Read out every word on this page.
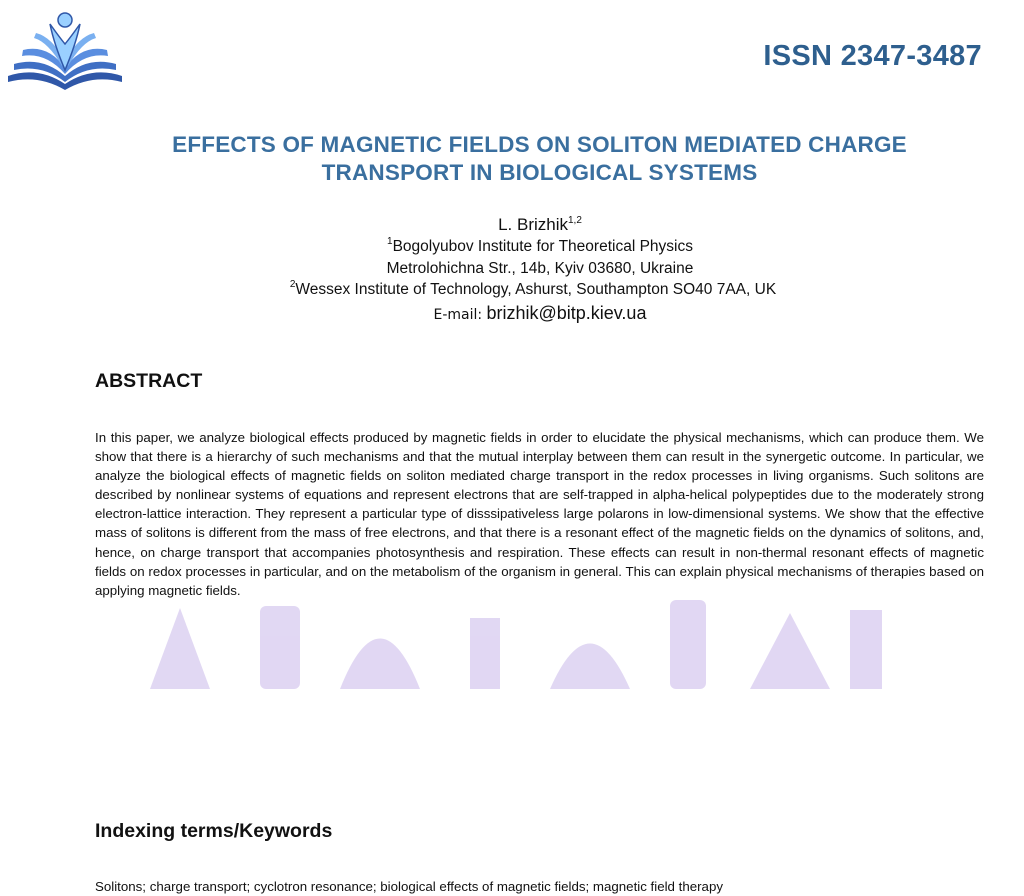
ISSN 2347-3487
EFFECTS OF MAGNETIC FIELDS ON SOLITON MEDIATED CHARGE
TRANSPORT IN BIOLOGICAL SYSTEMS
L. Brizhik$^{1,2}$
$^1$Bogolyubov Institute for Theoretical Physics
Metrolohichna Str., 14b, Kyiv 03680, Ukraine
$^2$Wessex Institute of Technology, Ashurst, Southampton SO40 7AA, UK
E-mail: brizhik@bitp.kiev.ua
ABSTRACT
In this paper, we analyze biological effects produced by magnetic fields in order to elucidate the physical mechanisms, which can produce them. We show that there is a hierarchy of such mechanisms and that the mutual interplay between them can result in the synergetic outcome. In particular, we analyze the biological effects of magnetic fields on soliton mediated charge transport in the redox processes in living organisms. Such solitons are described by nonlinear systems of equations and represent electrons that are self-trapped in alpha-helical polypeptides due to the moderately strong electron-lattice interaction. They represent a particular type of disssipativeless large polarons in low-dimensional systems. We show that the effective mass of solitons is different from the mass of free electrons, and that there is a resonant effect of the magnetic fields on the dynamics of solitons, and, hence, on charge transport that accompanies photosynthesis and respiration. These effects can result in non-thermal resonant effects of magnetic fields on redox processes in particular, and on the metabolism of the organism in general. This can explain physical mechanisms of therapies based on applying magnetic fields.
Indexing terms/Keywords
Solitons; charge transport; cyclotron resonance; biological effects of magnetic fields; magnetic field therapy
